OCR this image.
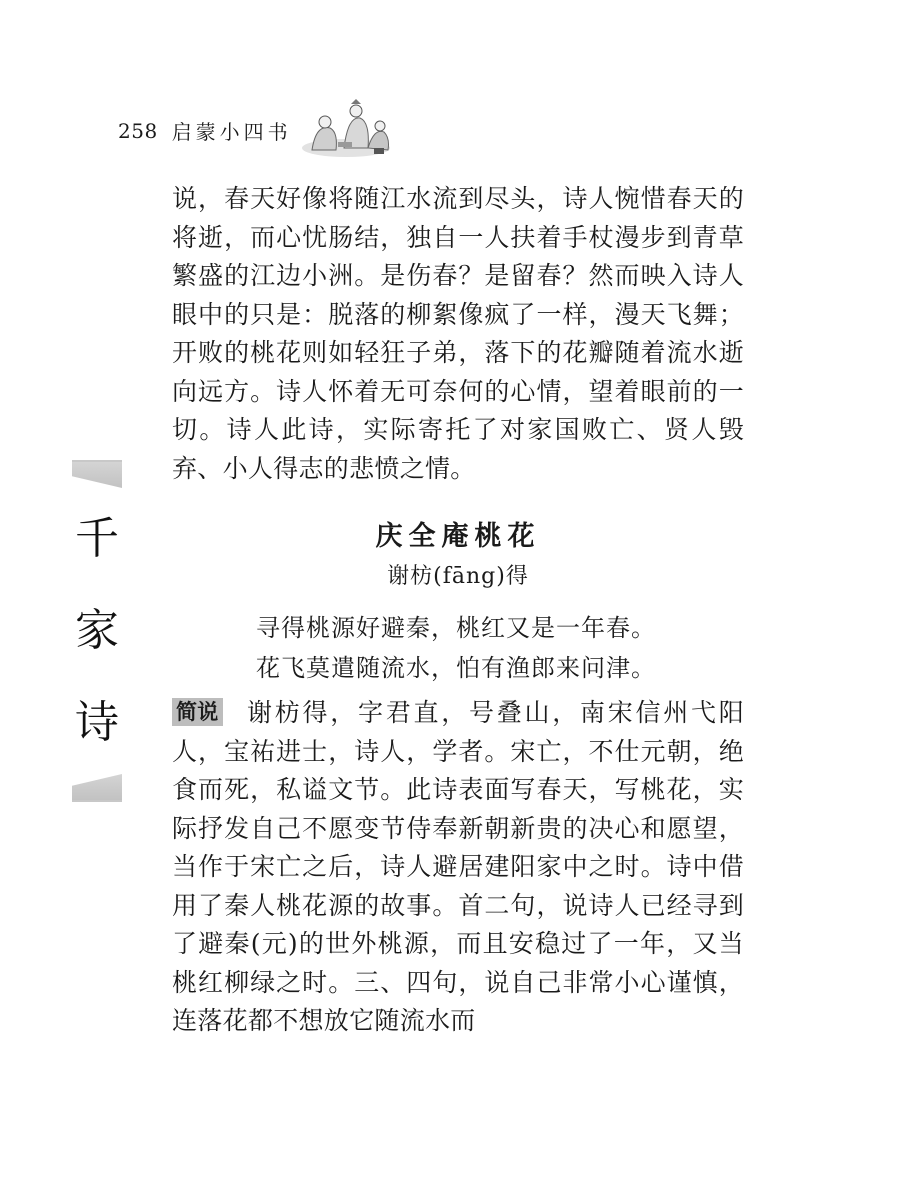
258 启蒙小四书
千
家
诗

说，春天好像将随江水流到尽头，诗人惋惜春天的将逝，而心忧肠结，独自一人扶着手杖漫步到青草繁盛的江边小洲。是伤春？是留春？然而映入诗人眼中的只是：脱落的柳絮像疯了一样，漫天飞舞；开败的桃花则如轻狂子弟，落下的花瓣随着流水逝向远方。诗人怀着无可奈何的心情，望着眼前的一切。诗人此诗，实际寄托了对家国败亡、贤人毁弃、小人得志的悲愤之情。

庆全庵桃花
谢枋(fāng)得
寻得桃源好避秦，桃红又是一年春。
花飞莫遣随流水，怕有渔郎来问津。

简说 谢枋得，字君直，号叠山，南宋信州弋阳人，宝祐进士，诗人，学者。宋亡，不仕元朝，绝食而死，私谥文节。此诗表面写春天，写桃花，实际抒发自己不愿变节侍奉新朝新贵的决心和愿望，当作于宋亡之后，诗人避居建阳家中之时。诗中借用了秦人桃花源的故事。首二句，说诗人已经寻到了避秦(元)的世外桃源，而且安稳过了一年，又当桃红柳绿之时。三、四句，说自己非常小心谨慎，连落花都不想放它随流水而
